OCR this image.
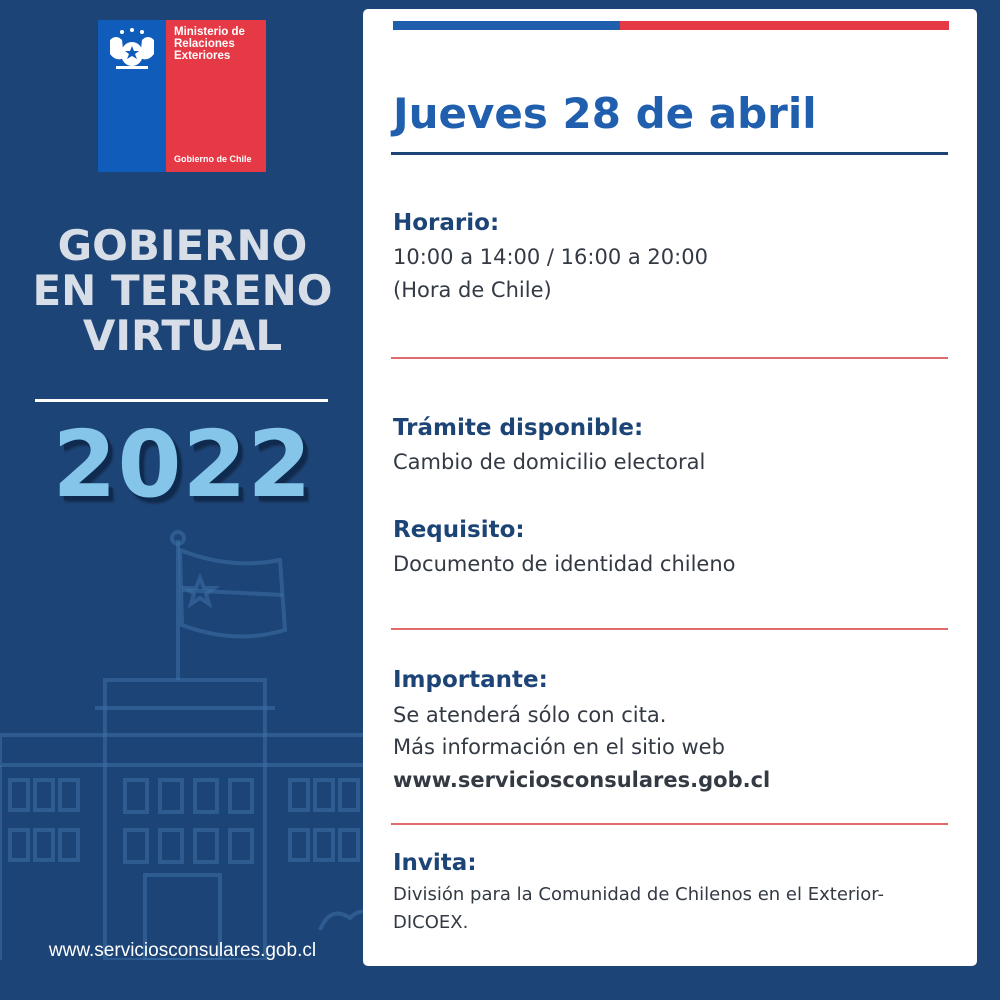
Ministerio de Relaciones Exteriores
Gobierno de Chile
GOBIERNO
EN TERRENO
VIRTUAL
2022
www.serviciosconsulares.gob.cl
Jueves 28 de abril
Horario:
10:00 a 14:00 / 16:00 a 20:00
(Hora de Chile)
Trámite disponible:
Cambio de domicilio electoral
Requisito:
Documento de identidad chileno
Importante:
Se atenderá sólo con cita.
Más información en el sitio web
www.serviciosconsulares.gob.cl
Invita:
División para la Comunidad de Chilenos en el Exterior- DICOEX.
